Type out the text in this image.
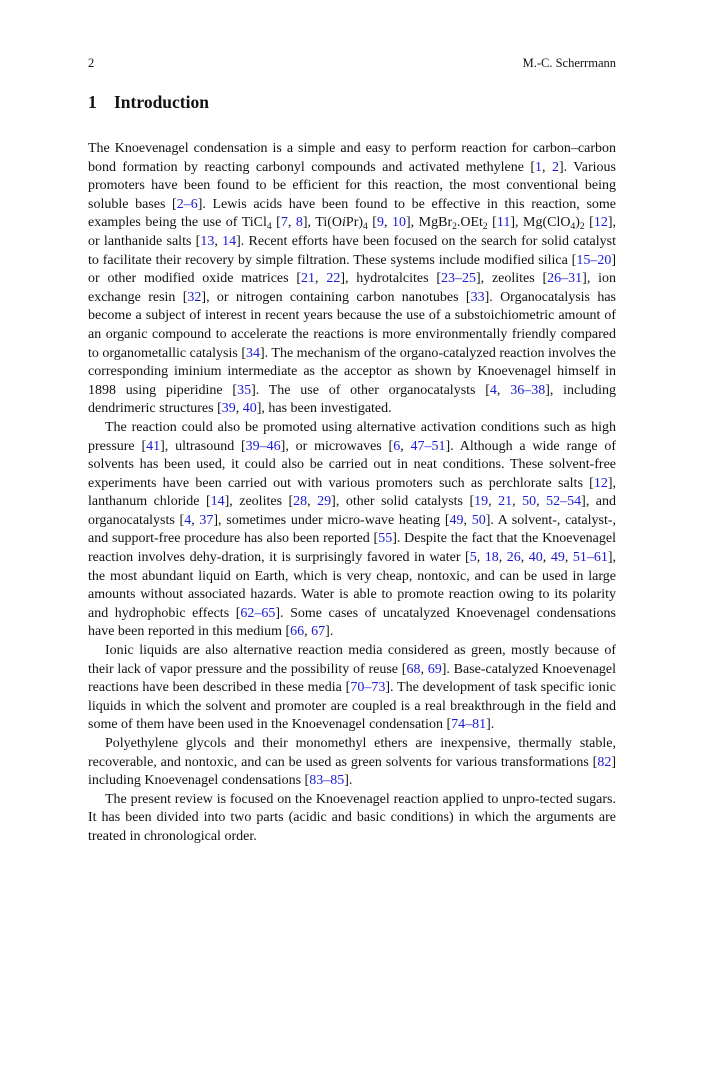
2	M.-C. Scherrmann
1 Introduction

The Knoevenagel condensation is a simple and easy to perform reaction for carbon–carbon bond formation by reacting carbonyl compounds and activated methylene [1, 2]. Various promoters have been found to be efficient for this reaction, the most conventional being soluble bases [2–6]. Lewis acids have been found to be effective in this reaction, some examples being the use of TiCl$_4$ [7, 8], $Ti(OiPr)_4$ [9, 10], MgBr$_2$.OEt$_2$ [11], $Mg(ClO_4)_2$ [12], or lanthanide salts [13, 14]. Recent efforts have been focused on the search for solid catalyst to facilitate their recovery by simple filtration. These systems include modified silica [15–20] or other modified oxide matrices [21, 22], hydrotalcites [23–25], zeolites [26–31], ion exchange resin [32], or nitrogen containing carbon nanotubes [33]. Organocatalysis has become a subject of interest in recent years because the use of a substoichiometric amount of an organic compound to accelerate the reactions is more environmentally friendly compared to organometallic catalysis [34]. The mechanism of the organo-catalyzed reaction involves the corresponding iminium intermediate as the acceptor as shown by Knoevenagel himself in 1898 using piperidine [35]. The use of other organocatalysts [4, 36–38], including dendrimeric structures [39, 40], has been investigated.

The reaction could also be promoted using alternative activation conditions such as high pressure [41], ultrasound [39–46], or microwaves [6, 47–51]. Although a wide range of solvents has been used, it could also be carried out in neat conditions. These solvent-free experiments have been carried out with various promoters such as perchlorate salts [12], lanthanum chloride [14], zeolites [28, 29], other solid catalysts [19, 21, 50, 52–54], and organocatalysts [4, 37], sometimes under micro-wave heating [49, 50]. A solvent-, catalyst-, and support-free procedure has also been reported [55]. Despite the fact that the Knoevenagel reaction involves dehy-dration, it is surprisingly favored in water [5, 18, 26, 40, 49, 51–61], the most abundant liquid on Earth, which is very cheap, nontoxic, and can be used in large amounts without associated hazards. Water is able to promote reaction owing to its polarity and hydrophobic effects [62–65]. Some cases of uncatalyzed Knoevenagel condensations have been reported in this medium [66, 67].

Ionic liquids are also alternative reaction media considered as green, mostly because of their lack of vapor pressure and the possibility of reuse [68, 69]. Base-catalyzed Knoevenagel reactions have been described in these media [70–73]. The development of task specific ionic liquids in which the solvent and promoter are coupled is a real breakthrough in the field and some of them have been used in the Knoevenagel condensation [74–81].

Polyethylene glycols and their monomethyl ethers are inexpensive, thermally stable, recoverable, and nontoxic, and can be used as green solvents for various transformations [82] including Knoevenagel condensations [83–85].

The present review is focused on the Knoevenagel reaction applied to unpro-tected sugars. It has been divided into two parts (acidic and basic conditions) in which the arguments are treated in chronological order.
